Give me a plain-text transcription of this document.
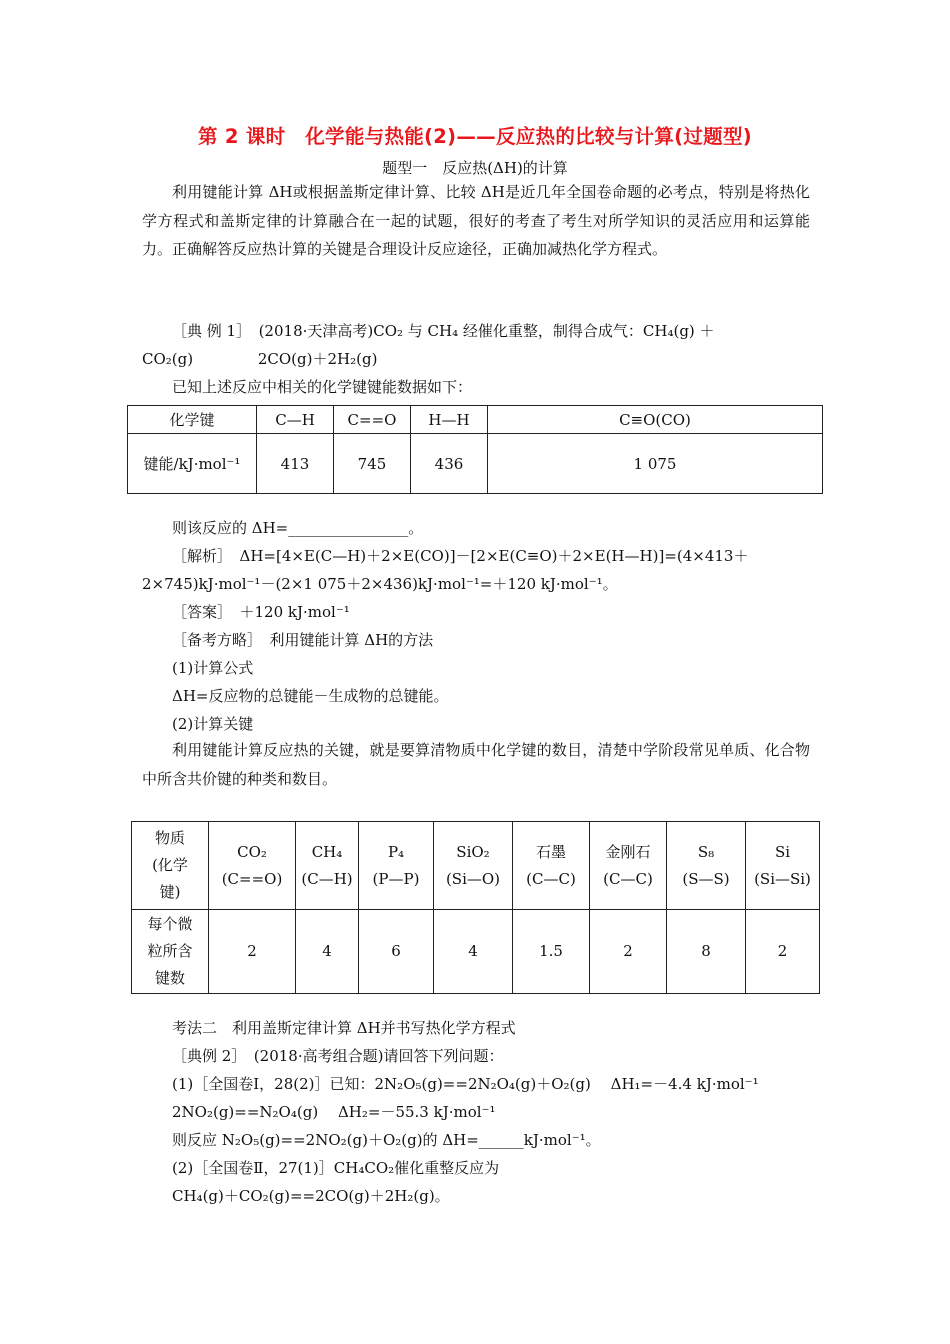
第 2 课时　化学能与热能(2)——反应热的比较与计算(过题型)
题型一　反应热(ΔH)的计算

利用键能计算 ΔH或根据盖斯定律计算、比较 ΔH是近几年全国卷命题的必考点，特别是将热化学方程式和盖斯定律的计算融合在一起的试题，很好的考查了考生对所学知识的灵活应用和运算能力。正确解答反应热计算的关键是合理设计反应途径，正确加减热化学方程式。

［典 例 1］　(2018·天津高考)CO₂ 与 CH₄ 经催化重整，制得合成气：CH₄(g) ＋
CO₂(g)　　　　 2CO(g)＋2H₂(g)
已知上述反应中相关的化学键键能数据如下：
化学键	C—H	C==O	H—H	C≡O(CO)
键能/kJ·mol⁻¹	413	745	436	1 075
则该反应的 ΔH=________________。
［解析］　ΔH=[4×E(C—H)＋2×E(CO)]－[2×E(C≡O)＋2×E(H—H)]=(4×413＋
2×745)kJ·mol⁻¹－(2×1 075＋2×436)kJ·mol⁻¹=＋120 kJ·mol⁻¹。
［答案］　＋120 kJ·mol⁻¹
［备考方略］　利用键能计算 ΔH的方法
(1)计算公式
ΔH=反应物的总键能－生成物的总键能。
(2)计算关键

利用键能计算反应热的关键，就是要算清物质中化学键的数目，清楚中学阶段常见单质、化合物中所含共价键的种类和数目。

物质
(化学
键)	CO₂
(C==O)	CH₄
(C—H)	P₄
(P—P)	SiO₂
(Si—O)	石墨
(C—C)	金刚石
(C—C)	S₈
(S—S)	Si
(Si—Si)

每个微
粒所含
键数	2	4	6	4	1.5	2	8	2
考法二　利用盖斯定律计算 ΔH并书写热化学方程式
［典例 2］　(2018·高考组合题)请回答下列问题：
(1)［全国卷Ⅰ，28(2)］已知：2N₂O₅(g)==2N₂O₄(g)＋O₂(g)　 ΔH₁=－4.4 kJ·mol⁻¹
2NO₂(g)==N₂O₄(g)　 ΔH₂=－55.3 kJ·mol⁻¹
则反应 N₂O₅(g)==2NO₂(g)＋O₂(g)的 ΔH=______kJ·mol⁻¹。
(2)［全国卷Ⅱ，27(1)］CH₄CO₂催化重整反应为
CH₄(g)＋CO₂(g)==2CO(g)＋2H₂(g)。
